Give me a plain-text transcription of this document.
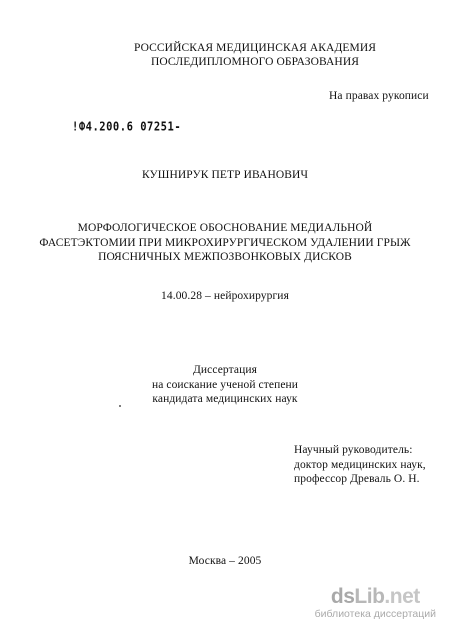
РОССИЙСКАЯ МЕДИЦИНСКАЯ АКАДЕМИЯ
ПОСЛЕДИПЛОМНОГО ОБРАЗОВАНИЯ
На правах рукописи
!Ф4.200.6 07251-
КУШНИРУК ПЕТР ИВАНОВИЧ
МОРФОЛОГИЧЕСКОЕ ОБОСНОВАНИЕ МЕДИАЛЬНОЙ
ФАСЕТЭКТОМИИ ПРИ МИКРОХИРУРГИЧЕСКОМ УДАЛЕНИИ ГРЫЖ
ПОЯСНИЧНЫХ МЕЖПОЗВОНКОВЫХ ДИСКОВ
14.00.28 – нейрохирургия
Диссертация
на соискание ученой степени
кандидата медицинских наук
Научный руководитель:
доктор медицинских наук,
профессор Древаль О. Н.
Москва – 2005
dsLib.net
библиотека диссертаций
